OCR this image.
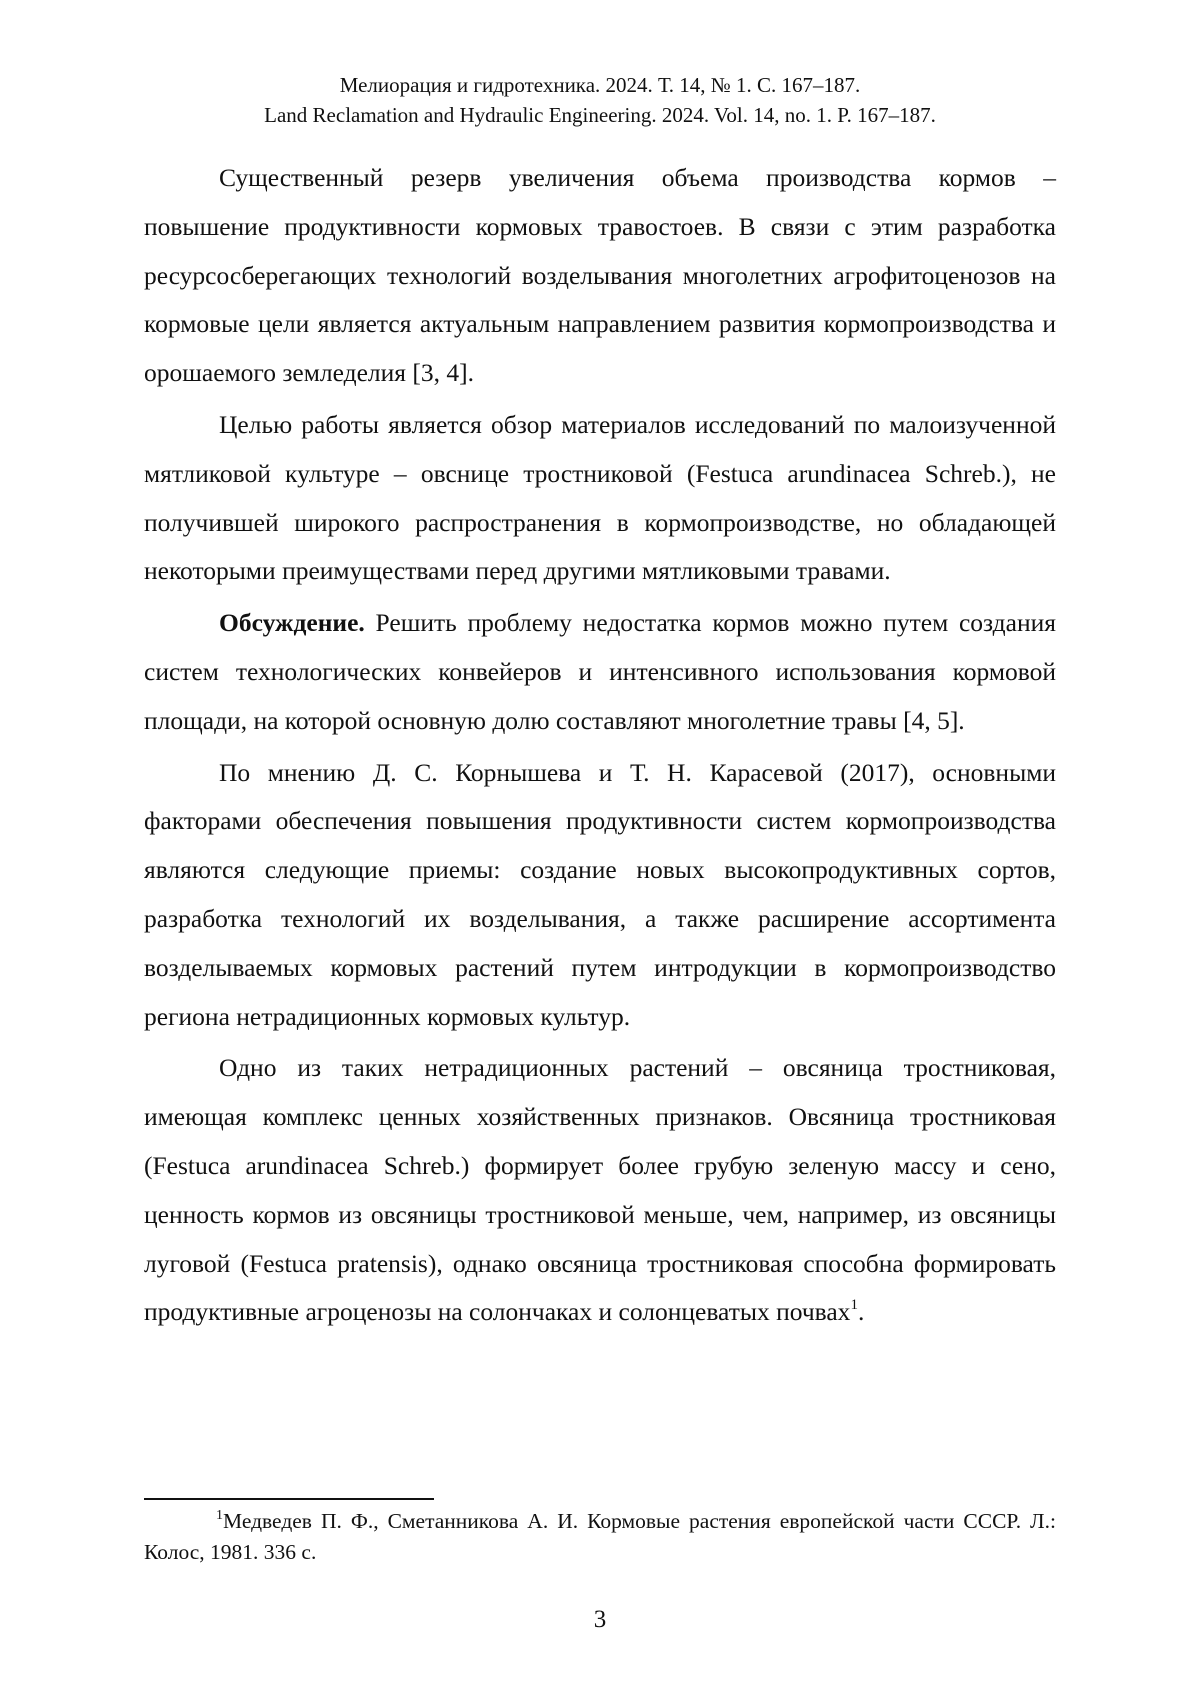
Мелиорация и гидротехника. 2024. Т. 14, № 1. С. 167–187.
Land Reclamation and Hydraulic Engineering. 2024. Vol. 14, no. 1. P. 167–187.

Существенный резерв увеличения объема производства кормов – повышение продуктивности кормовых травостоев. В связи с этим разработка ресурсосберегающих технологий возделывания многолетних агрофитоценозов на кормовые цели является актуальным направлением развития кормопроизводства и орошаемого земледелия [3, 4].

Целью работы является обзор материалов исследований по малоизученной мятликовой культуре – овснице тростниковой (Festuca arundinacea Schreb.), не получившей широкого распространения в кормопроизводстве, но обладающей некоторыми преимуществами перед другими мятликовыми травами.

Обсуждение. Решить проблему недостатка кормов можно путем создания систем технологических конвейеров и интенсивного использования кормовой площади, на которой основную долю составляют многолетние травы [4, 5].

По мнению Д. С. Корнышева и Т. Н. Карасевой (2017), основными факторами обеспечения повышения продуктивности систем кормопроизводства являются следующие приемы: создание новых высокопродуктивных сортов, разработка технологий их возделывания, а также расширение ассортимента возделываемых кормовых растений путем интродукции в кормопроизводство региона нетрадиционных кормовых культур.

Одно из таких нетрадиционных растений – овсяница тростниковая, имеющая комплекс ценных хозяйственных признаков. Овсяница тростниковая (Festuca arundinacea Schreb.) формирует более грубую зеленую массу и сено, ценность кормов из овсяницы тростниковой меньше, чем, например, из овсяницы луговой (Festuca pratensis), однако овсяница тростниковая способна формировать продуктивные агроценозы на солончаках и солонцеватых почвах$^1$.

$^1$Медведев П. Ф., Сметанникова А. И. Кормовые растения европейской части СССР. Л.: Колос, 1981. 336 с.
3
